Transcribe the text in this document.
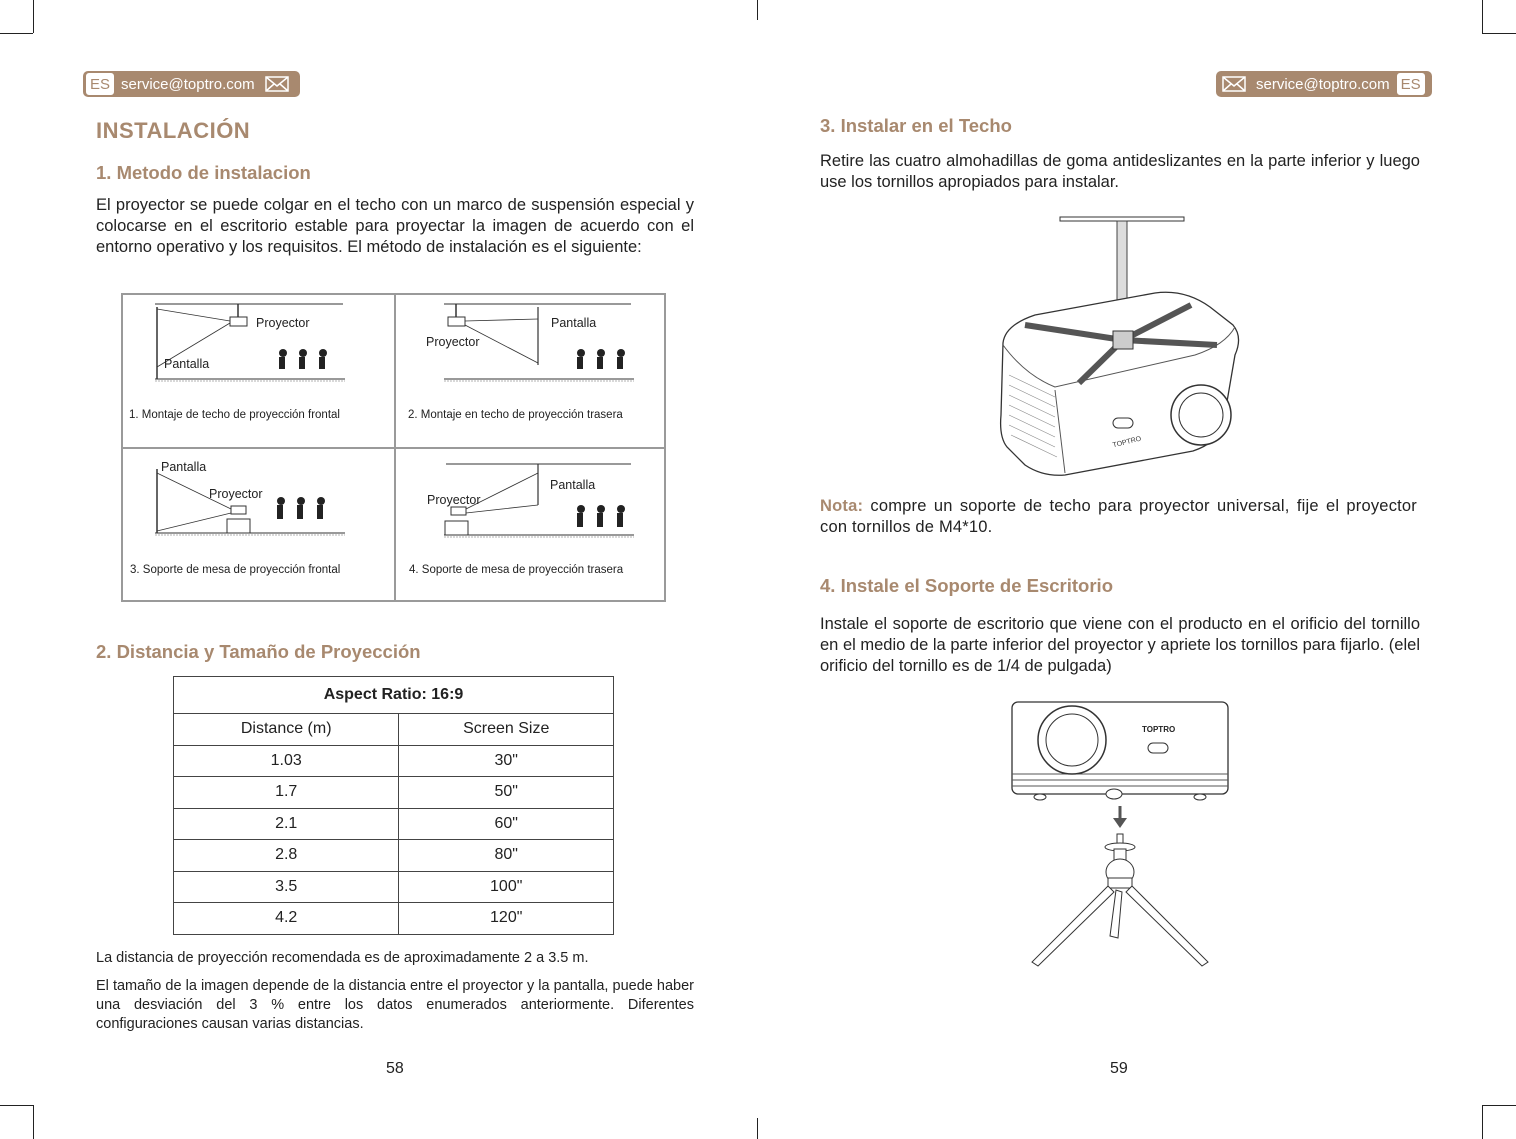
ES service@toptro.com
INSTALACIÓN
1. Metodo de instalacion
El proyector se puede colgar en el techo con un marco de suspensión especial y colocarse en el escritorio estable para proyectar la imagen de acuerdo con el entorno operativo y los requisitos. El método de instalación es el siguiente:
Proyector
Pantalla
1. Montaje de techo de proyección frontal
Pantalla
Proyector
2. Montaje en techo de proyección trasera
Pantalla
Proyector
3. Soporte de mesa de proyección frontal
Pantalla
Proyector
4. Soporte de mesa de proyección trasera
2. Distancia y Tamaño de Proyección
Aspect Ratio: 16:9	
Distance (m)	Screen Size
1.03	30"
1.7	50"
2.1	60"
2.8	80"
3.5	100"
4.2	120"
La distancia de proyección recomendada es de aproximadamente 2 a 3.5 m.
El tamaño de la imagen depende de la distancia entre el proyector y la pantalla, puede haber una desviación del 3 % entre los datos enumerados anteriormente. Diferentes configuraciones causan varias distancias.
58
service@toptro.com ES
3. Instalar en el Techo
Retire las cuatro almohadillas de goma antideslizantes en la parte inferior y luego use los tornillos apropiados para instalar.
TOPTRO
Nota: compre un soporte de techo para proyector universal, fije el proyector con tornillos de M4*10.
4. Instale el Soporte de Escritorio
Instale el soporte de escritorio que viene con el producto en el orificio del tornillo en el medio de la parte inferior del proyector y apriete los tornillos para fijarlo. (elel orificio del tornillo es de 1/4 de pulgada)
TOPTRO
59
